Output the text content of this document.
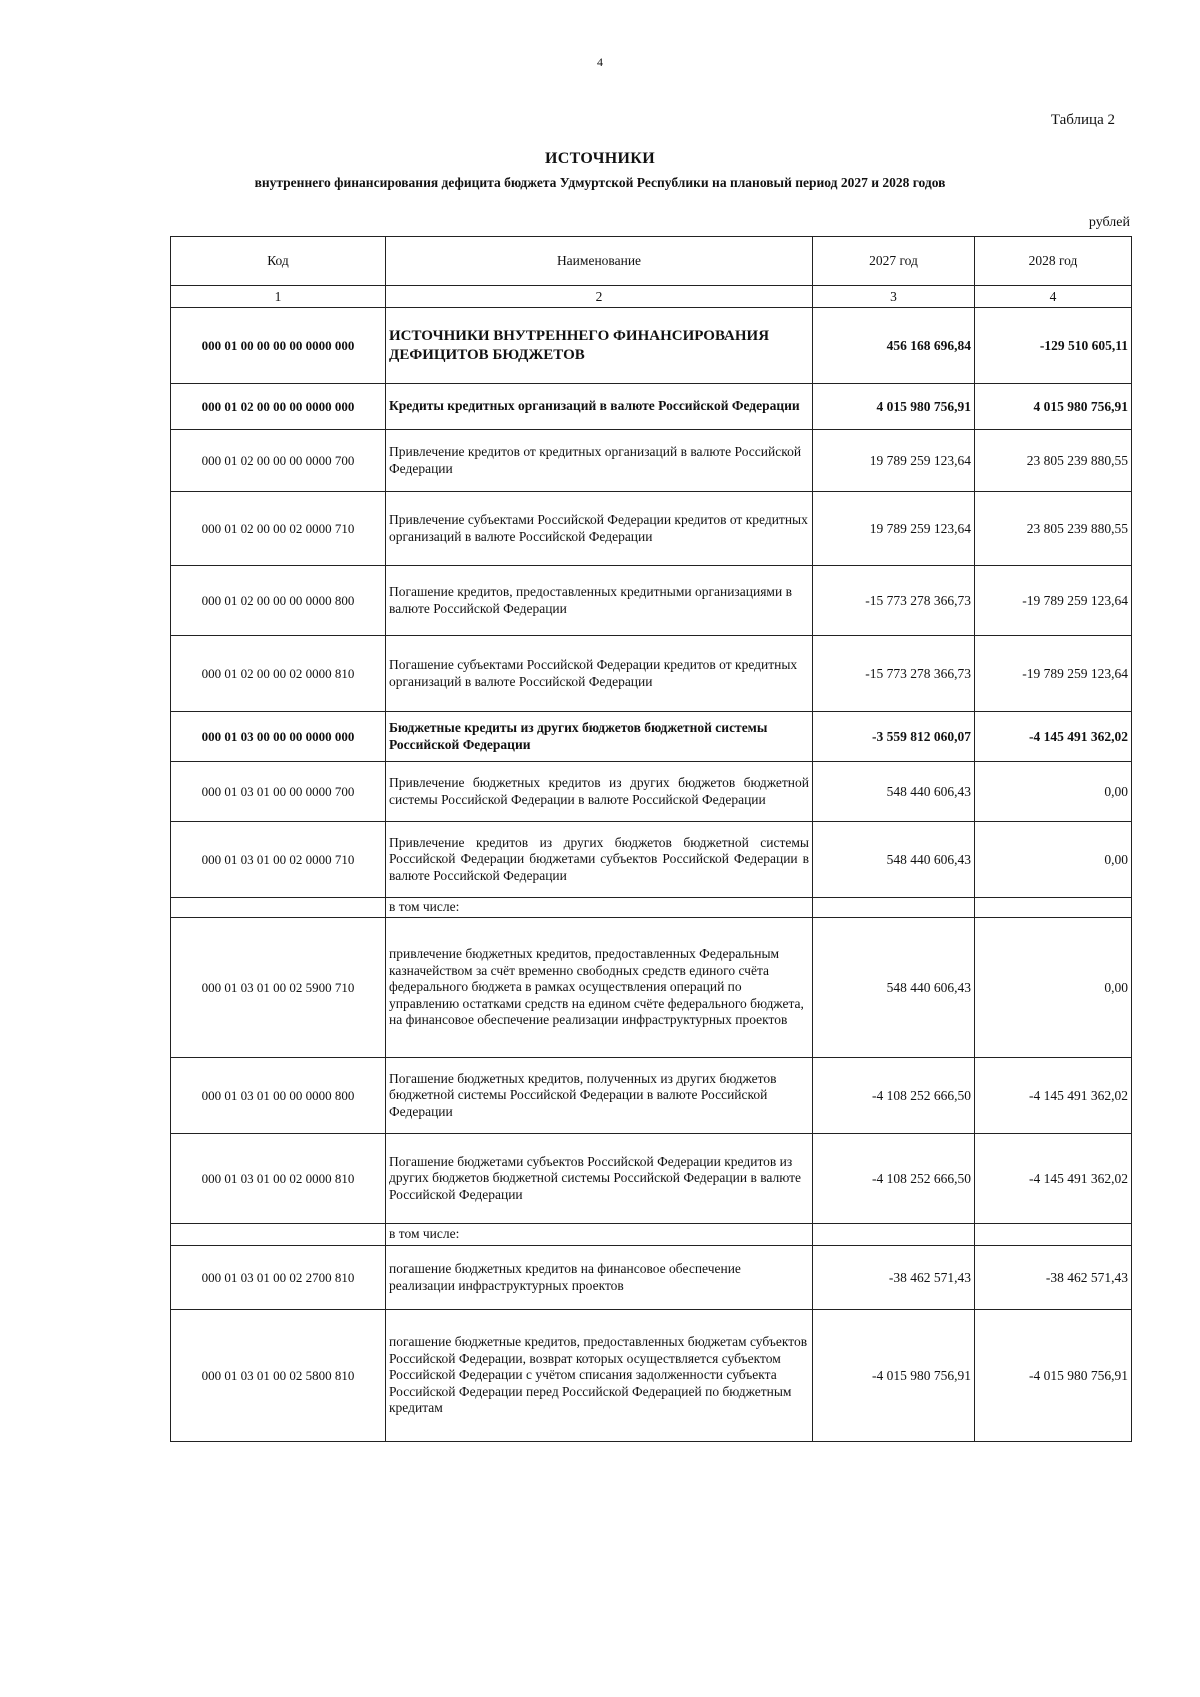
4
Таблица 2
ИСТОЧНИКИ
внутреннего финансирования дефицита бюджета Удмуртской Республики на плановый период 2027 и 2028 годов
рублей
Код	Наименование	2027 год	2028 год
1	2	3	4
000 01 00 00 00 00 0000 000	ИСТОЧНИКИ ВНУТРЕННЕГО ФИНАНСИРОВАНИЯ ДЕФИЦИТОВ БЮДЖЕТОВ	456 168 696,84	-129 510 605,11
000 01 02 00 00 00 0000 000	Кредиты кредитных организаций в валюте Российской Федерации	4 015 980 756,91	4 015 980 756,91
000 01 02 00 00 00 0000 700	Привлечение кредитов от кредитных организаций в валюте Российской Федерации	19 789 259 123,64	23 805 239 880,55
000 01 02 00 00 02 0000 710	Привлечение субъектами Российской Федерации кредитов от кредитных организаций в валюте Российской Федерации	19 789 259 123,64	23 805 239 880,55
000 01 02 00 00 00 0000 800	Погашение кредитов, предоставленных кредитными организациями в валюте Российской Федерации	-15 773 278 366,73	-19 789 259 123,64
000 01 02 00 00 02 0000 810	Погашение субъектами Российской Федерации кредитов от кредитных организаций в валюте Российской Федерации	-15 773 278 366,73	-19 789 259 123,64
000 01 03 00 00 00 0000 000	Бюджетные кредиты из других бюджетов бюджетной системы Российской Федерации	-3 559 812 060,07	-4 145 491 362,02
000 01 03 01 00 00 0000 700	Привлечение бюджетных кредитов из других бюджетов бюджетной системы Российской Федерации в валюте Российской Федерации	548 440 606,43	0,00
000 01 03 01 00 02 0000 710	Привлечение кредитов из других бюджетов бюджетной системы Российской Федерации бюджетами субъектов Российской Федерации в валюте Российской Федерации	548 440 606,43	0,00
	в том числе:		
000 01 03 01 00 02 5900 710	привлечение бюджетных кредитов, предоставленных Федеральным казначейством за счёт временно свободных средств единого счёта федерального бюджета в рамках осуществления операций по управлению остатками средств на едином счёте федерального бюджета, на финансовое обеспечение реализации инфраструктурных проектов	548 440 606,43	0,00
000 01 03 01 00 00 0000 800	Погашение бюджетных кредитов, полученных из других бюджетов бюджетной системы Российской Федерации в валюте Российской Федерации	-4 108 252 666,50	-4 145 491 362,02
000 01 03 01 00 02 0000 810	Погашение бюджетами субъектов Российской Федерации кредитов из других бюджетов бюджетной системы Российской Федерации в валюте Российской Федерации	-4 108 252 666,50	-4 145 491 362,02
	в том числе:		
000 01 03 01 00 02 2700 810	погашение бюджетных кредитов на финансовое обеспечение реализации инфраструктурных проектов	-38 462 571,43	-38 462 571,43
000 01 03 01 00 02 5800 810	погашение бюджетные кредитов, предоставленных бюджетам субъектов Российской Федерации, возврат которых осуществляется субъектом Российской Федерации с учётом списания задолженности субъекта Российской Федерации перед Российской Федерацией по бюджетным кредитам	-4 015 980 756,91	-4 015 980 756,91
